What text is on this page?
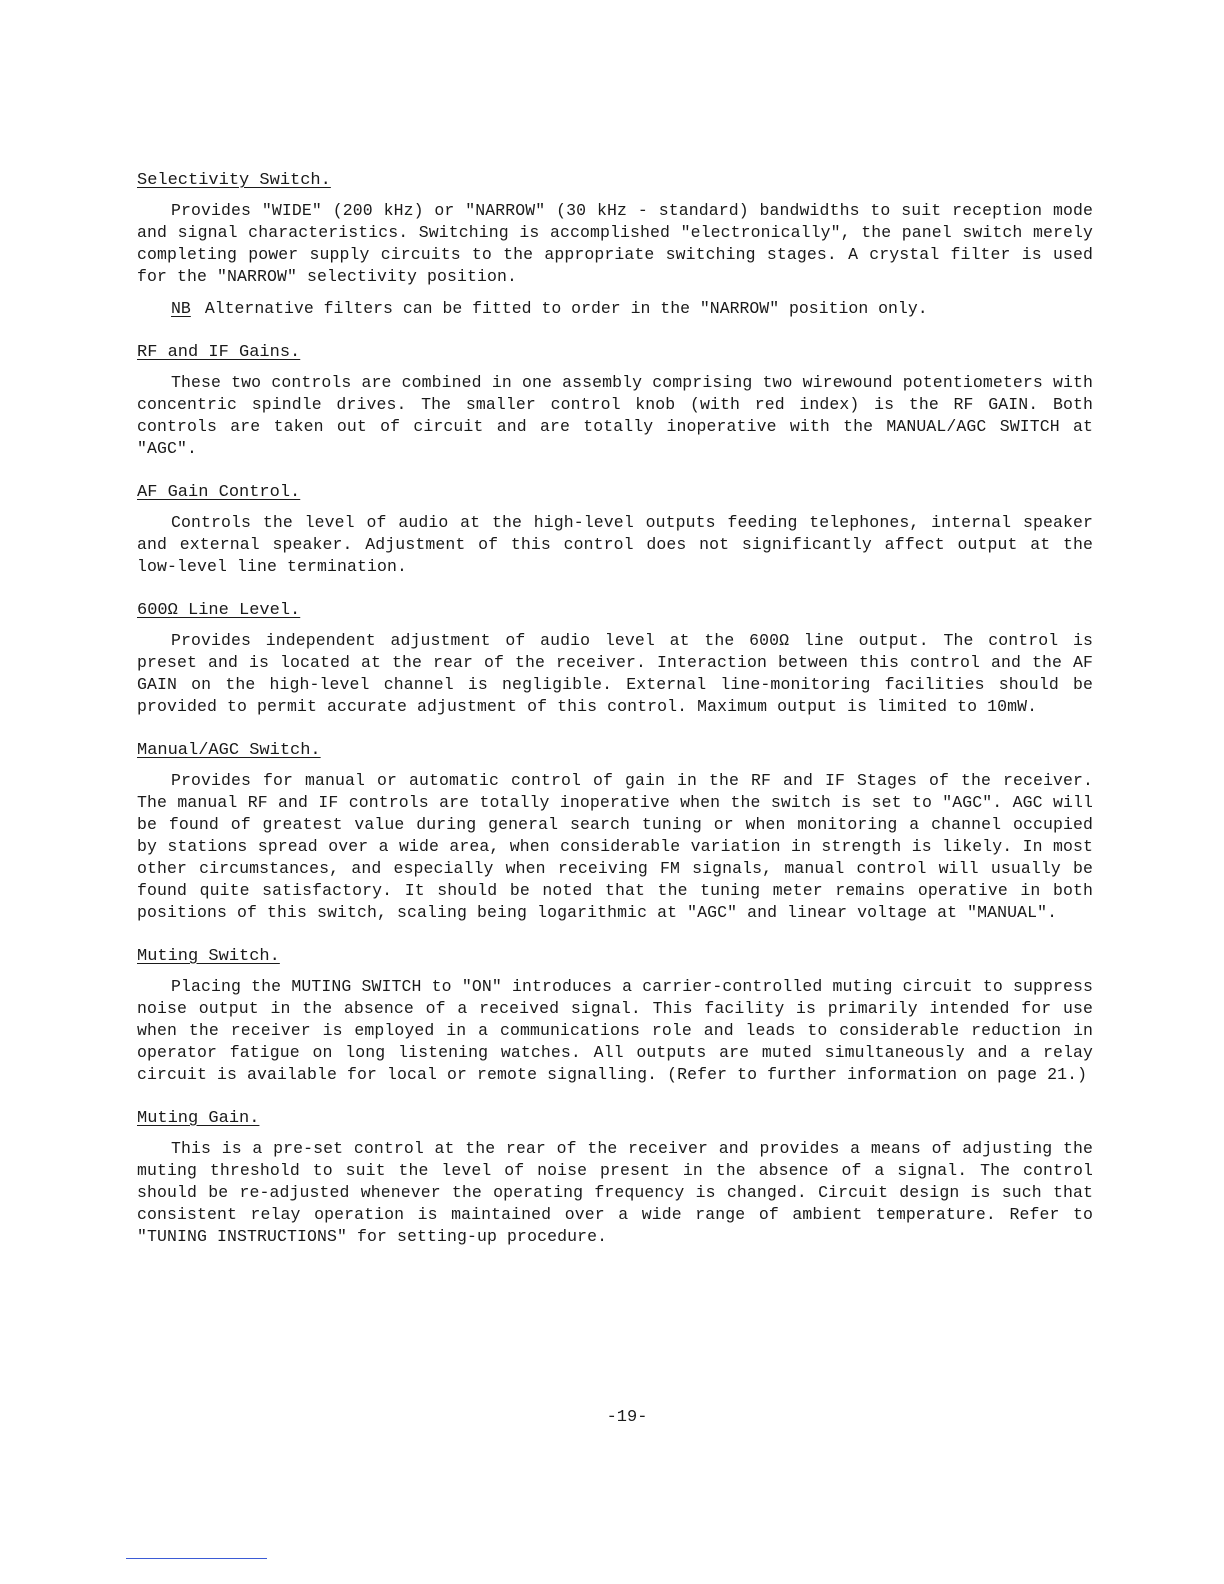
Selectivity Switch.

Provides "WIDE" (200 kHz) or "NARROW" (30 kHz - standard) bandwidths to suit reception mode and signal characteristics. Switching is accomplished "electronically", the panel switch merely completing power supply circuits to the appropriate switching stages. A crystal filter is used for the "NARROW" selectivity position.

NB Alternative filters can be fitted to order in the "NARROW" position only.

RF and IF Gains.

These two controls are combined in one assembly comprising two wirewound potentiometers with concentric spindle drives. The smaller control knob (with red index) is the RF GAIN. Both controls are taken out of circuit and are totally inoperative with the MANUAL/AGC SWITCH at "AGC".

AF Gain Control.

Controls the level of audio at the high-level outputs feeding telephones, internal speaker and external speaker. Adjustment of this control does not significantly affect output at the low-level line termination.

600Ω Line Level.

Provides independent adjustment of audio level at the 600Ω line output. The control is preset and is located at the rear of the receiver. Interaction between this control and the AF GAIN on the high-level channel is negligible. External line-monitoring facilities should be provided to permit accurate adjustment of this control. Maximum output is limited to 10mW.

Manual/AGC Switch.

Provides for manual or automatic control of gain in the RF and IF Stages of the receiver. The manual RF and IF controls are totally inoperative when the switch is set to "AGC". AGC will be found of greatest value during general search tuning or when monitoring a channel occupied by stations spread over a wide area, when considerable variation in strength is likely. In most other circumstances, and especially when receiving FM signals, manual control will usually be found quite satisfactory. It should be noted that the tuning meter remains operative in both positions of this switch, scaling being logarithmic at "AGC" and linear voltage at "MANUAL".

Muting Switch.

Placing the MUTING SWITCH to "ON" introduces a carrier-controlled muting circuit to suppress noise output in the absence of a received signal. This facility is primarily intended for use when the receiver is employed in a communications role and leads to considerable reduction in operator fatigue on long listening watches. All outputs are muted simultaneously and a relay circuit is available for local or remote signalling. (Refer to further information on page 21.)

Muting Gain.

This is a pre-set control at the rear of the receiver and provides a means of adjusting the muting threshold to suit the level of noise present in the absence of a signal. The control should be re-adjusted whenever the operating frequency is changed. Circuit design is such that consistent relay operation is maintained over a wide range of ambient temperature. Refer to "TUNING INSTRUCTIONS" for setting-up procedure.

-19-
